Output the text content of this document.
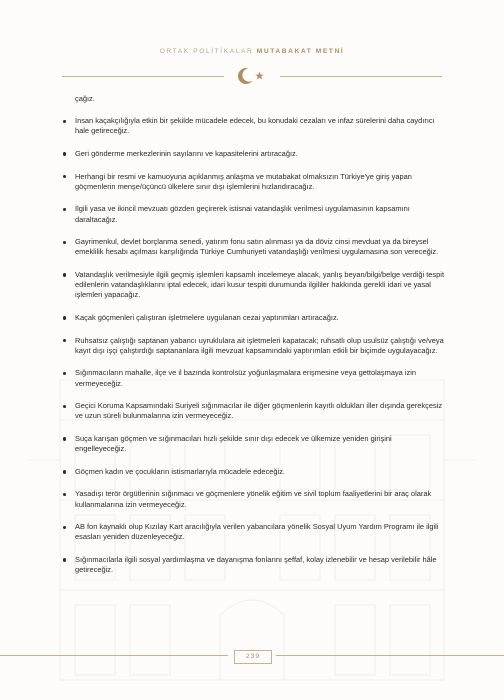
ORTAK POLİTİKALAR MUTABAKAT METNİ

çağız.

İnsan kaçakçılığıyla etkin bir şekilde mücadele edecek, bu konudaki cezaları ve infaz sürelerini daha caydırıcı hale getireceğiz.
Geri gönderme merkezlerinin sayılarını ve kapasitelerini artıracağız.
Herhangi bir resmi ve kamuoyuna açıklanmış anlaşma ve mutabakat olmaksızın Türkiye'ye giriş yapan göçmenlerin menşe/üçüncü ülkelere sınır dışı işlemlerini hızlandıracağız.
İlgili yasa ve ikincil mevzuatı gözden geçirerek istisnai vatandaşlık verilmesi uygulamasının kapsamını daraltacağız.
Gayrimenkul, devlet borçlanma senedi, yatırım fonu satın alınması ya da döviz cinsi mevduat ya da bireysel emeklilik hesabı açılması karşılığında Türkiye Cumhuriyeti vatandaşlığı verilmesi uygulamasına son vereceğiz.
Vatandaşlık verilmesiyle ilgili geçmiş işlemleri kapsamlı incelemeye alacak, yanlış beyan/bilgi/belge verdiği tespit edilenlerin vatandaşlıklarını iptal edecek, idari kusur tespiti durumunda ilgililer hakkında gerekli idari ve yasal işlemleri yapacağız.
Kaçak göçmenleri çalıştıran işletmelere uygulanan cezai yaptırımları artıracağız.
Ruhsatsız çalıştığı saptanan yabancı uyruklulara ait işletmeleri kapatacak; ruhsatlı olup usulsüz çalıştığı ve/veya kayıt dışı işçi çalıştırdığı saptananlara ilgili mevzuat kapsamındaki yaptırımları etkili bir biçimde uygulayacağız.
Sığınmacıların mahalle, ilçe ve il bazında kontrolsüz yoğunlaşmalara erişmesine veya gettolaşmaya izin vermeyeceğiz.
Geçici Koruma Kapsamındaki Suriyeli sığınmacılar ile diğer göçmenlerin kayıtlı oldukları iller dışında gerekçesiz ve uzun süreli bulunmalarına izin vermeyeceğiz.
Suça karışan göçmen ve sığınmacıları hızlı şekilde sınır dışı edecek ve ülkemize yeniden girişini engelleyeceğiz.
Göçmen kadın ve çocukların istismarlarıyla mücadele edeceğiz.
Yasadışı terör örgütlerinin sığınmacı ve göçmenlere yönelik eğitim ve sivil toplum faaliyetlerini bir araç olarak kullanmalarına izin vermeyeceğiz.
AB fon kaynaklı olup Kızılay Kart aracılığıyla verilen yabancılara yönelik Sosyal Uyum Yardım Programı ile ilgili esasları yeniden düzenleyeceğiz.
Sığınmacılarla ilgili sosyal yardımlaşma ve dayanışma fonlarını şeffaf, kolay izlenebilir ve hesap verilebilir hâle getireceğiz.
239
